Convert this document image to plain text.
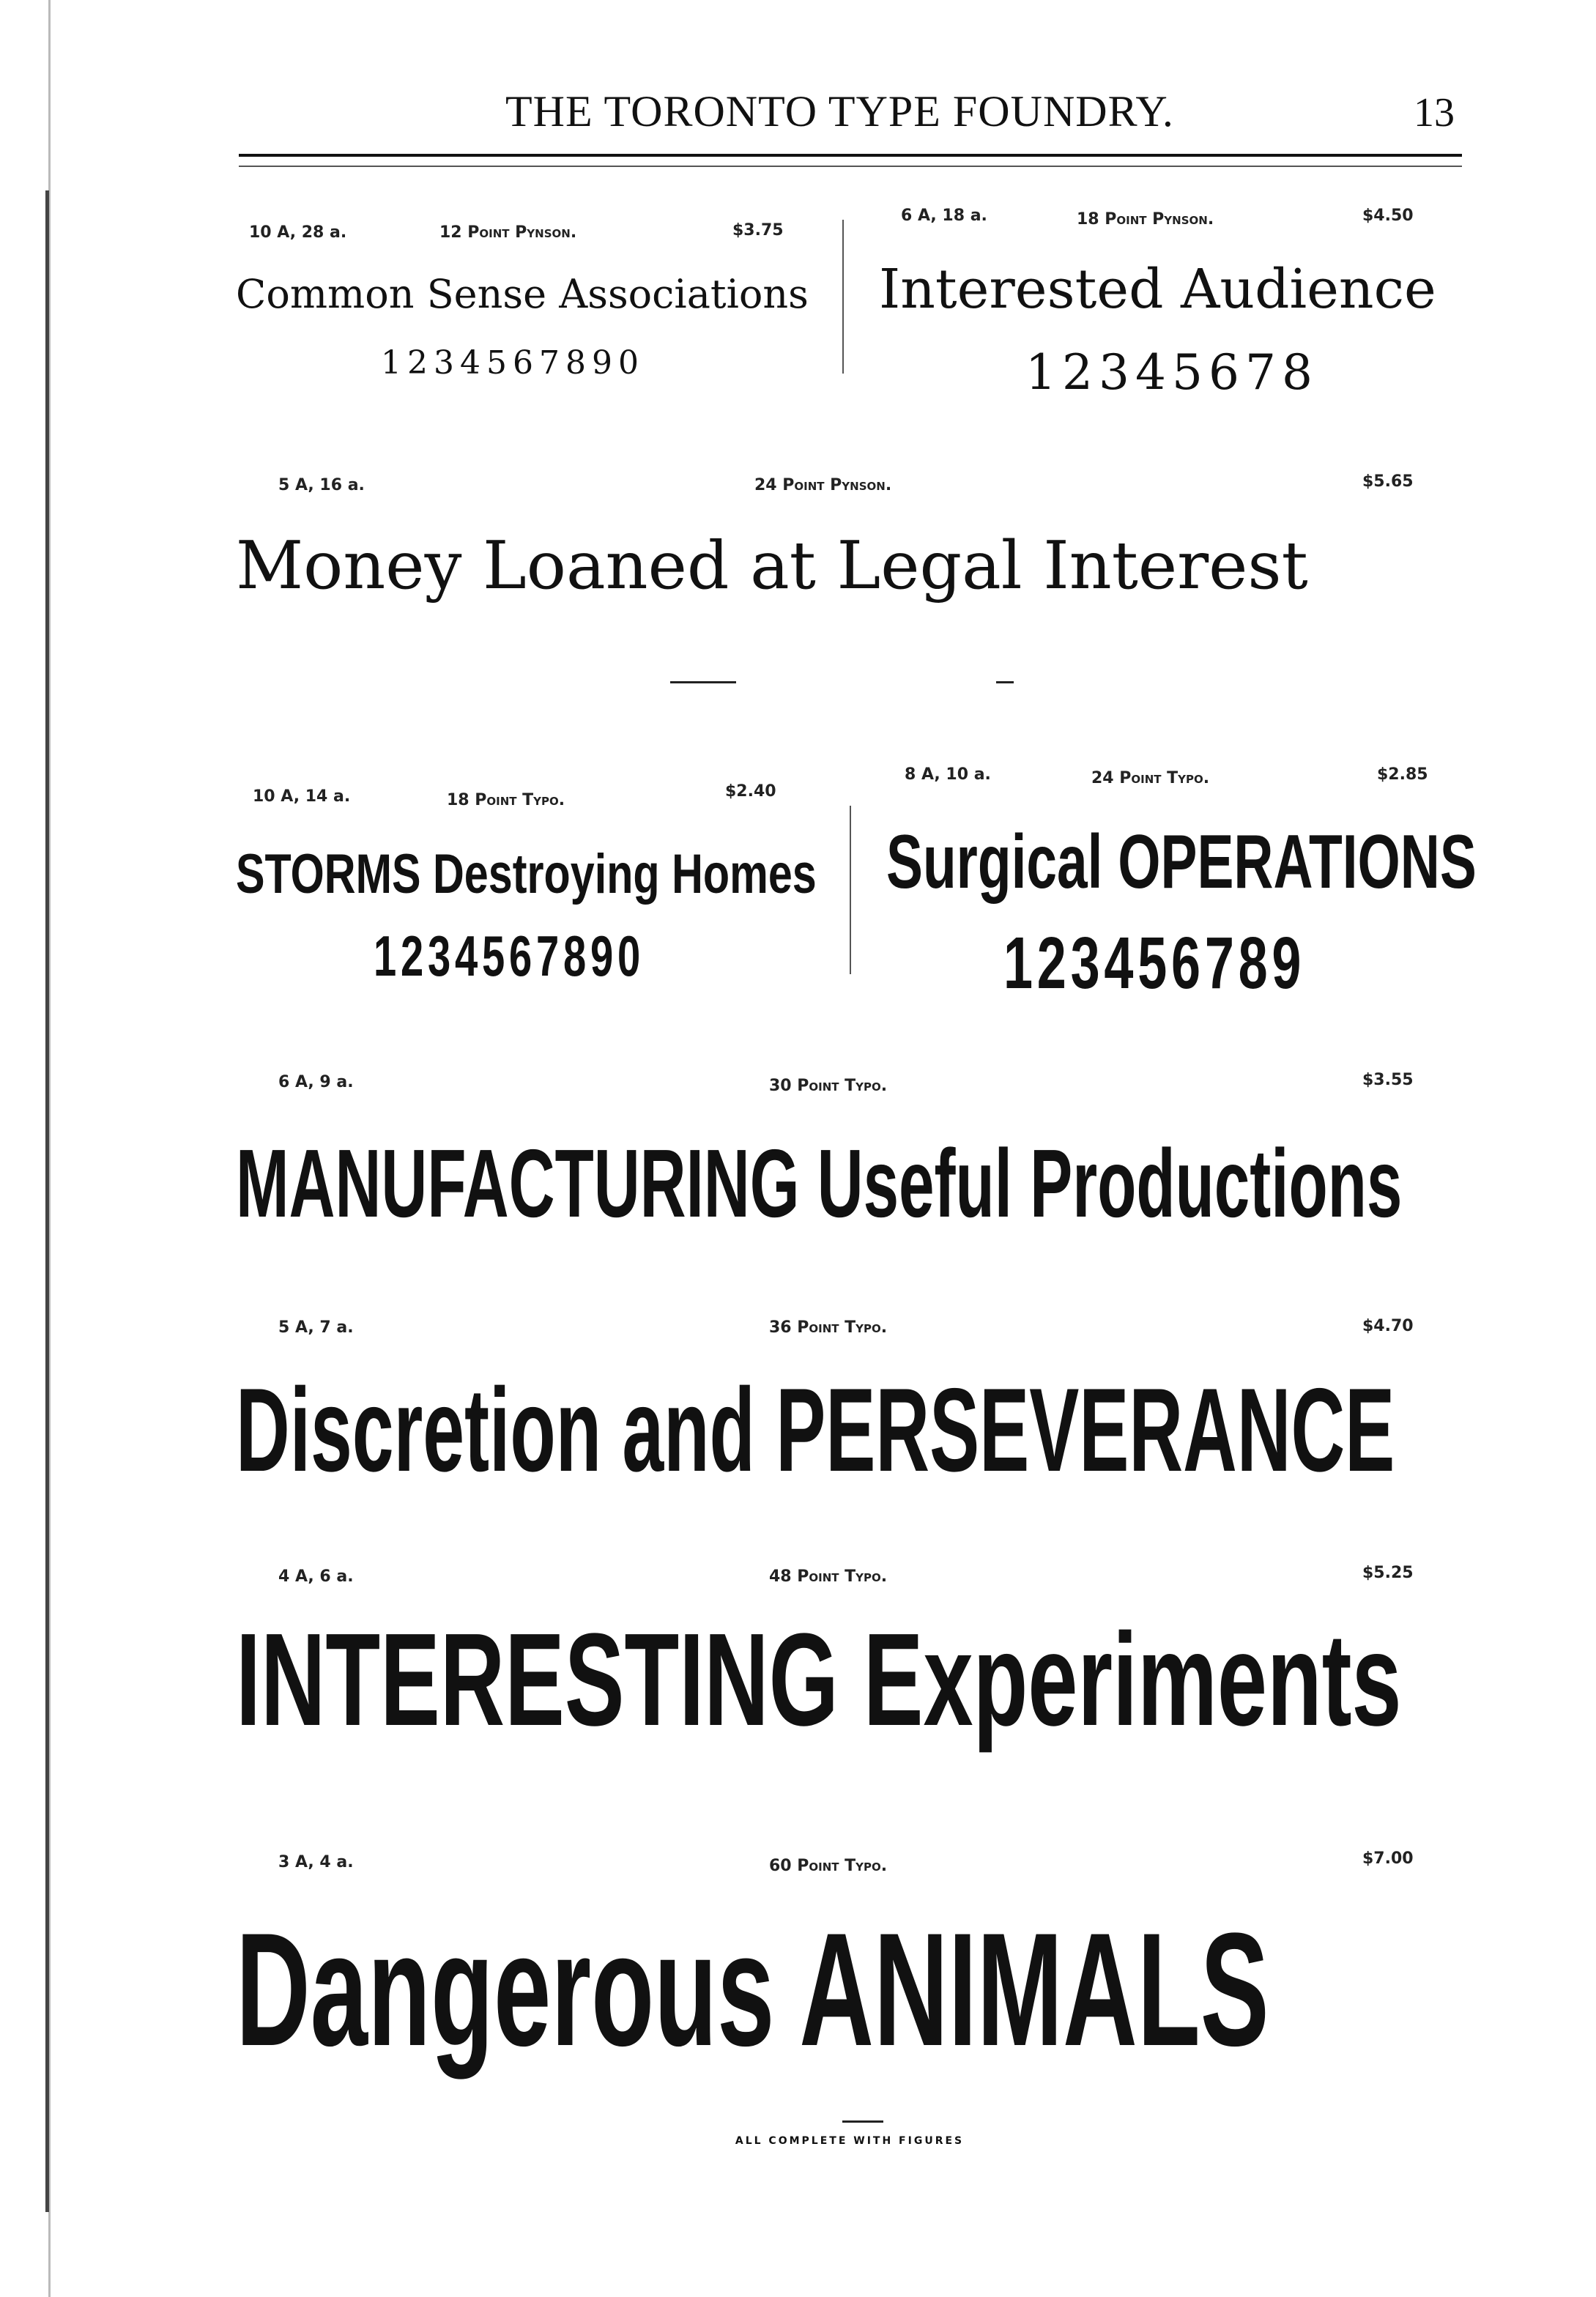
THE TORONTO TYPE FOUNDRY.	13
10 A, 28 a.	12 Point Pynson.	$3.75
Common Sense Associations
1234567890
6 A, 18 a.	18 Point Pynson.	$4.50
Interested Audience
12345678
5 A, 16 a.	24 Point Pynson.	$5.65
Money Loaned at Legal Interest
10 A, 14 a.	18 Point Typo.	$2.40
STORMS Destroying Homes
1234567890
8 A, 10 a.	24 Point Typo.	$2.85
Surgical OPERATIONS
123456789
6 A, 9 a.	30 Point Typo.	$3.55
MANUFACTURING Useful Productions
5 A, 7 a.	36 Point Typo.	$4.70
Discretion and PERSEVERANCE
4 A, 6 a.	48 Point Typo.	$5.25
INTERESTING Experiments
3 A, 4 a.	60 Point Typo.	$7.00
Dangerous ANIMALS
ALL COMPLETE WITH FIGURES
